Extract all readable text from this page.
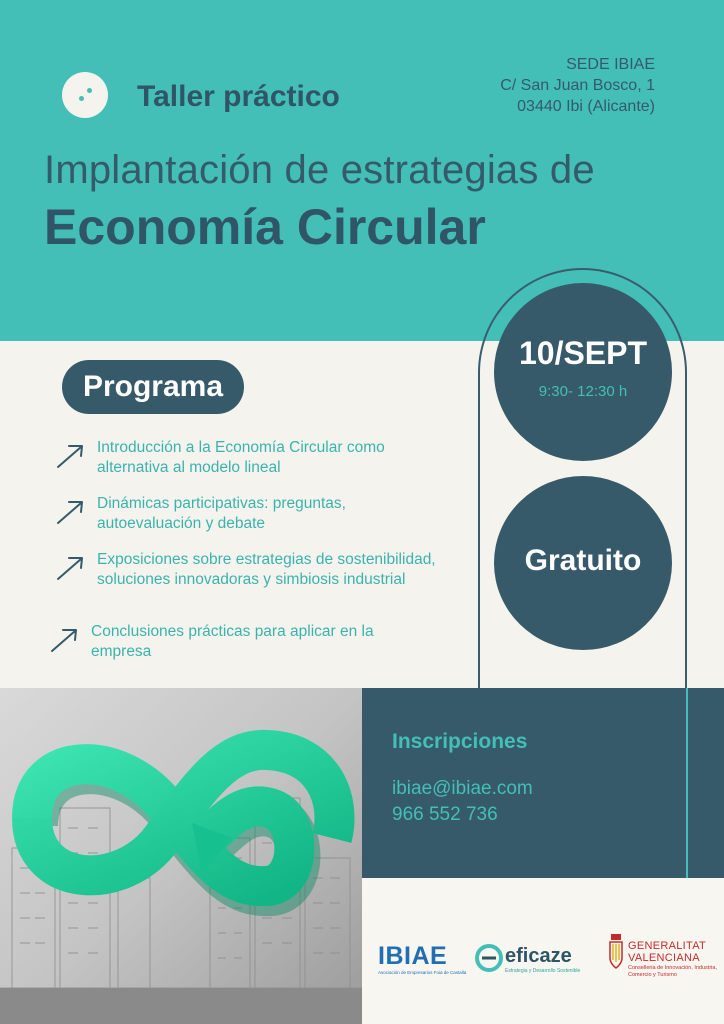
Taller práctico
SEDE IBIAE
C/ San Juan Bosco, 1
03440 Ibi (Alicante)
Implantación de estrategias de
Economía Circular
10/SEPT
9:30- 12:30 h
Gratuito
Programa
Introducción a la Economía Circular como alternativa al modelo lineal
Dinámicas participativas: preguntas, autoevaluación y debate
Exposiciones sobre estrategias de sostenibilidad, soluciones innovadoras y simbiosis industrial
Conclusiones prácticas para aplicar en la empresa
Inscripciones
ibiae@ibiae.com
966 552 736
IBIAE
Asociación de Empresarios Foia de Castalla
eficaze
Estrategia y Desarrollo Sostenible
GENERALITAT
VALENCIANA
Conselleria de Innovación, Industria, Comercio y Turismo
